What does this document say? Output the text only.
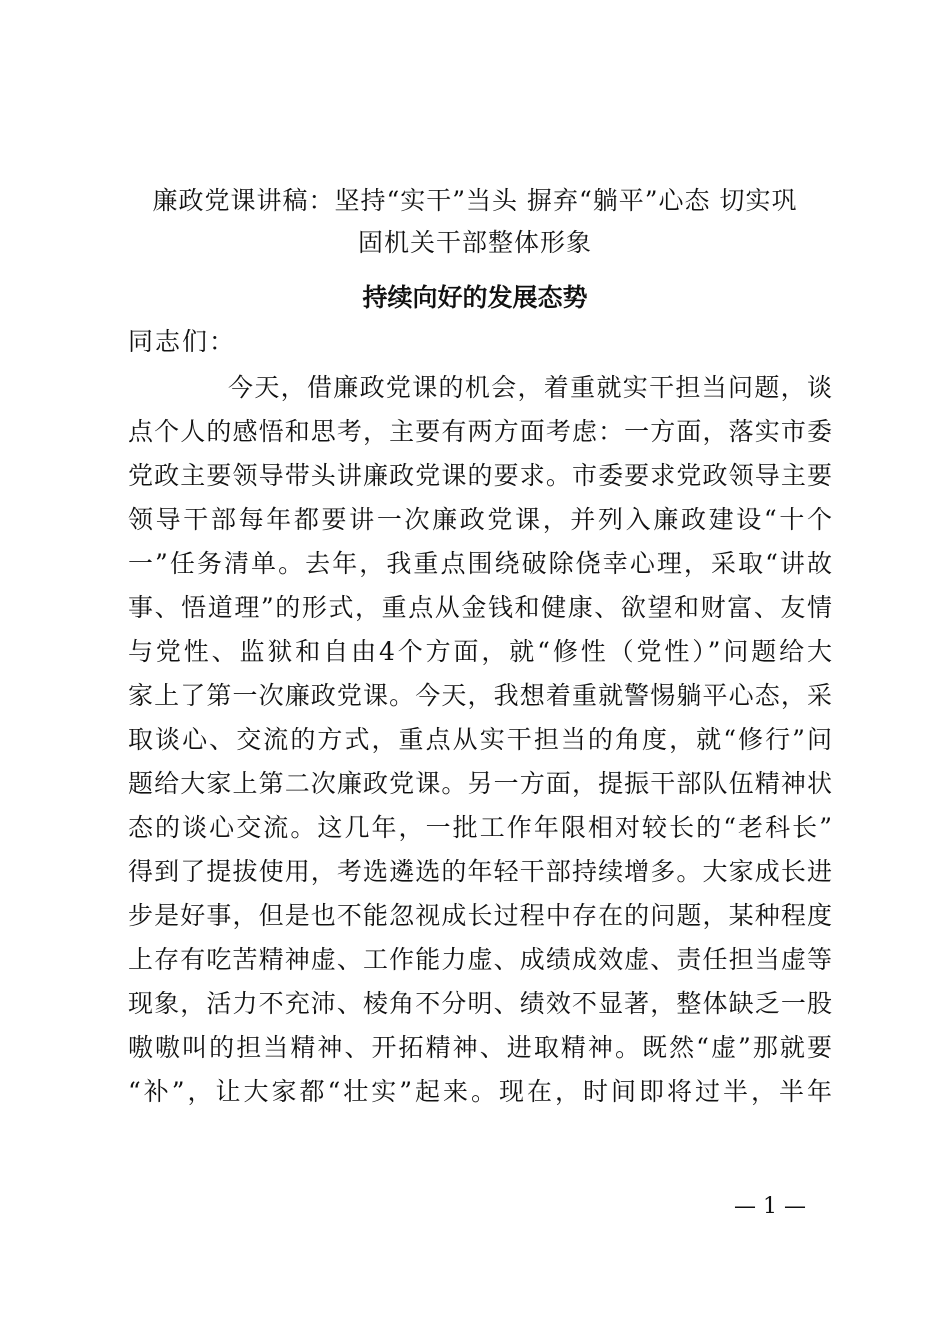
廉政党课讲稿：坚持“实干”当头 摒弃“躺平”心态 切实巩
固机关干部整体形象
持续向好的发展态势
同志们：
今天，借廉政党课的机会，着重就实干担当问题，谈
点个人的感悟和思考，主要有两方面考虑：一方面，落实市委
党政主要领导带头讲廉政党课的要求。市委要求党政领导主要
领导干部每年都要讲一次廉政党课，并列入廉政建设“十个
一”任务清单。去年，我重点围绕破除侥幸心理，采取“讲故
事、悟道理”的形式，重点从金钱和健康、欲望和财富、友情
与党性、监狱和自由4个方面，就“修性（党性）”问题给大
家上了第一次廉政党课。今天，我想着重就警惕躺平心态，采
取谈心、交流的方式，重点从实干担当的角度，就“修行”问
题给大家上第二次廉政党课。另一方面，提振干部队伍精神状
态的谈心交流。这几年，一批工作年限相对较长的“老科长”
得到了提拔使用，考选遴选的年轻干部持续增多。大家成长进
步是好事，但是也不能忽视成长过程中存在的问题，某种程度
上存有吃苦精神虚、工作能力虚、成绩成效虚、责任担当虚等
现象，活力不充沛、棱角不分明、绩效不显著，整体缺乏一股
嗷嗷叫的担当精神、开拓精神、进取精神。既然“虚”那就要
“补”，让大家都“壮实”起来。现在，时间即将过半，半年
— 1 —
